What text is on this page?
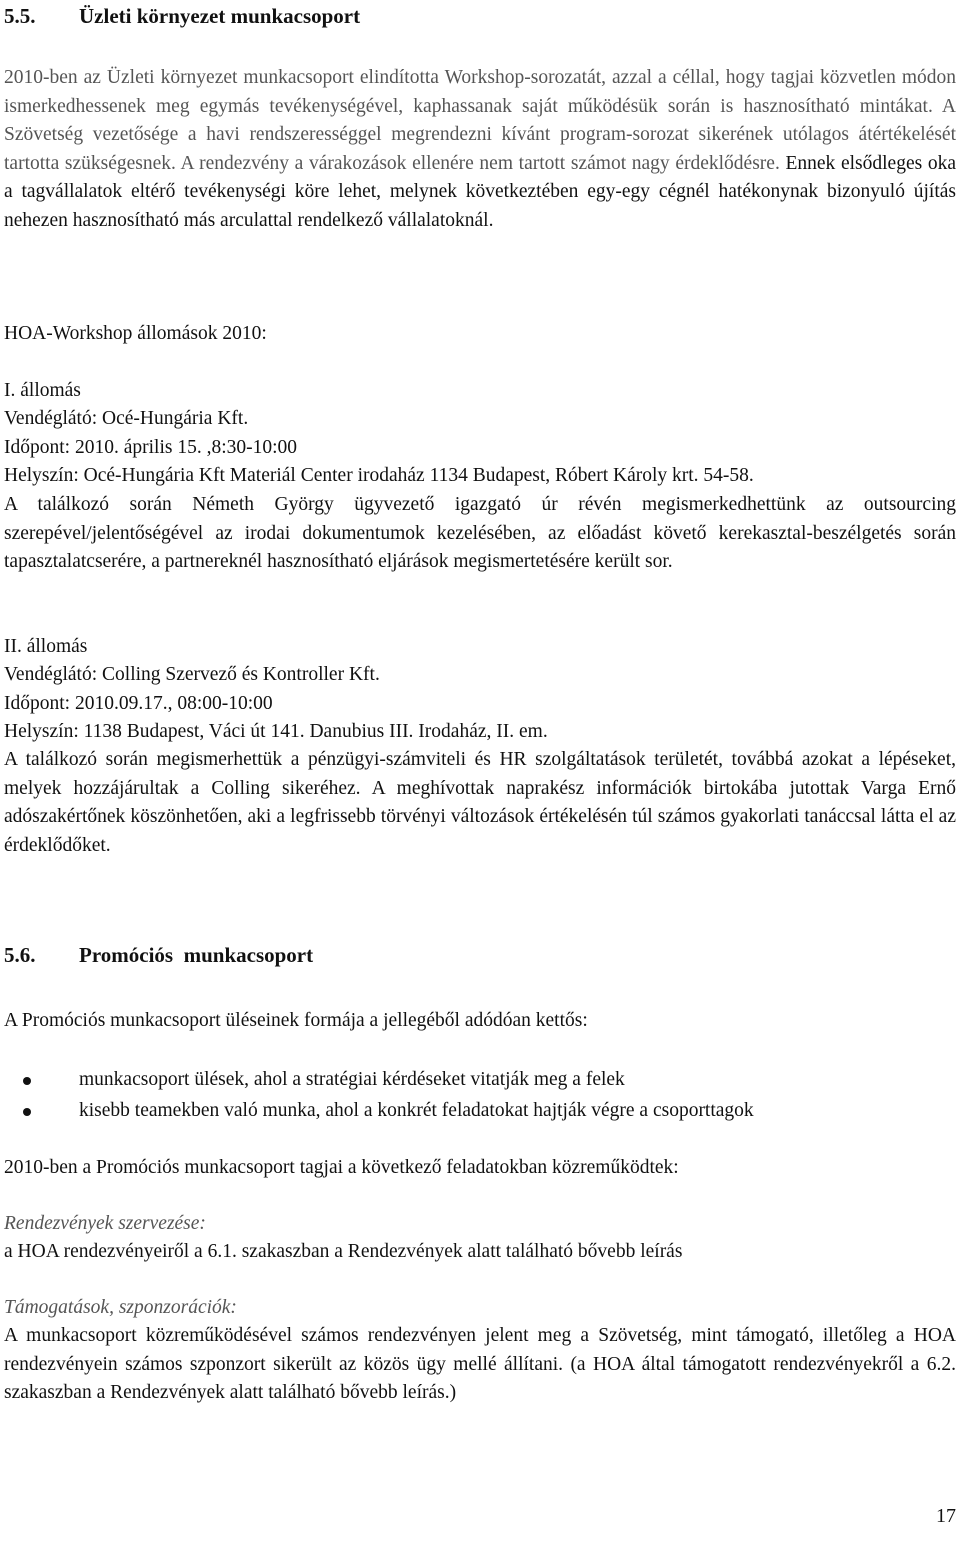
5.5. Üzleti környezet munkacsoport
2010-ben az Üzleti környezet munkacsoport elindította Workshop-sorozatát, azzal a céllal, hogy tagjai közvetlen módon ismerkedhessenek meg egymás tevékenységével, kaphassanak saját működésük során is hasznosítható mintákat. A Szövetség vezetősége a havi rendszerességgel megrendezni kívánt program-sorozat sikerének utólagos átértékelését tartotta szükségesnek. A rendezvény a várakozások ellenére nem tartott számot nagy érdeklődésre. Ennek elsődleges oka a tagvállalatok eltérő tevékenységi köre lehet, melynek következtében egy-egy cégnél hatékonynak bizonyuló újítás nehezen hasznosítható más arculattal rendelkező vállalatoknál.
HOA-Workshop állomások 2010:
I. állomás
Vendéglátó: Océ-Hungária Kft.
Időpont: 2010. április 15. ,8:30-10:00
Helyszín: Océ-Hungária Kft Materiál Center irodaház 1134 Budapest, Róbert Károly krt. 54-58.
A találkozó során Németh György ügyvezető igazgató úr révén megismerkedhettünk az outsourcing szerepével/jelentőségével az irodai dokumentumok kezelésében, az előadást követő kerekasztal-beszélgetés során tapasztalatcserére, a partnereknél hasznosítható eljárások megismertetésére került sor.
II. állomás
Vendéglátó: Colling Szervező és Kontroller Kft.
Időpont: 2010.09.17., 08:00-10:00
Helyszín: 1138 Budapest, Váci út 141. Danubius III. Irodaház, II. em.
A találkozó során megismerhettük a pénzügyi-számviteli és HR szolgáltatások területét, továbbá azokat a lépéseket, melyek hozzájárultak a Colling sikeréhez. A meghívottak naprakész információk birtokába jutottak Varga Ernő adószakértőnek köszönhetően, aki a legfrissebb törvényi változások értékelésén túl számos gyakorlati tanáccsal látta el az érdeklődőket.
5.6. Promóciós  munkacsoport
A Promóciós munkacsoport üléseinek formája a jellegéből adódóan kettős:
munkacsoport ülések, ahol a stratégiai kérdéseket vitatják meg a felek
kisebb teamekben való munka, ahol a konkrét feladatokat hajtják végre a csoporttagok
2010-ben a Promóciós munkacsoport tagjai a következő feladatokban közreműködtek:
Rendezvények szervezése:
a HOA rendezvényeiről a 6.1. szakaszban a Rendezvények alatt található bővebb leírás
Támogatások, szponzorációk:
A munkacsoport közreműködésével számos rendezvényen jelent meg a Szövetség, mint támogató, illetőleg a HOA rendezvényein számos szponzort sikerült az közös ügy mellé állítani. (a HOA által támogatott rendezvényekről a 6.2. szakaszban a Rendezvények alatt található bővebb leírás.)
17
